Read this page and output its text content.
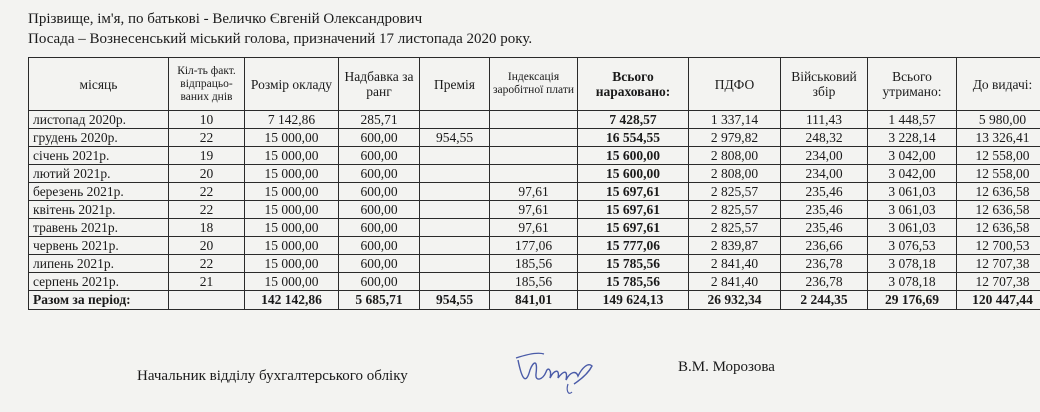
Прізвище, ім'я, по батькові - Величко Євгеній Олександрович
Посада – Вознесенський міський голова, призначений 17 листопада 2020 року.
місяць	Кіл-ть факт. відпрацьо-ваних днів	Розмір окладу	Надбавка за ранг	Премія	Індексація заробітної плати	Всього нараховано:	ПДФО	Військовий збір	Всього утримано:	До видачі:
листопад 2020р.	10	7 142,86	285,71			7 428,57	1 337,14	111,43	1 448,57	5 980,00
грудень 2020р.	22	15 000,00	600,00	954,55		16 554,55	2 979,82	248,32	3 228,14	13 326,41
січень 2021р.	19	15 000,00	600,00			15 600,00	2 808,00	234,00	3 042,00	12 558,00
лютий 2021р.	20	15 000,00	600,00			15 600,00	2 808,00	234,00	3 042,00	12 558,00
березень 2021р.	22	15 000,00	600,00		97,61	15 697,61	2 825,57	235,46	3 061,03	12 636,58
квітень 2021р.	22	15 000,00	600,00		97,61	15 697,61	2 825,57	235,46	3 061,03	12 636,58
травень 2021р.	18	15 000,00	600,00		97,61	15 697,61	2 825,57	235,46	3 061,03	12 636,58
червень 2021р.	20	15 000,00	600,00		177,06	15 777,06	2 839,87	236,66	3 076,53	12 700,53
липень 2021р.	22	15 000,00	600,00		185,56	15 785,56	2 841,40	236,78	3 078,18	12 707,38
серпень 2021р.	21	15 000,00	600,00		185,56	15 785,56	2 841,40	236,78	3 078,18	12 707,38
Разом за період:		142 142,86	5 685,71	954,55	841,01	149 624,13	26 932,34	2 244,35	29 176,69	120 447,44
Начальник відділу бухгалтерського обліку
В.М. Морозова
